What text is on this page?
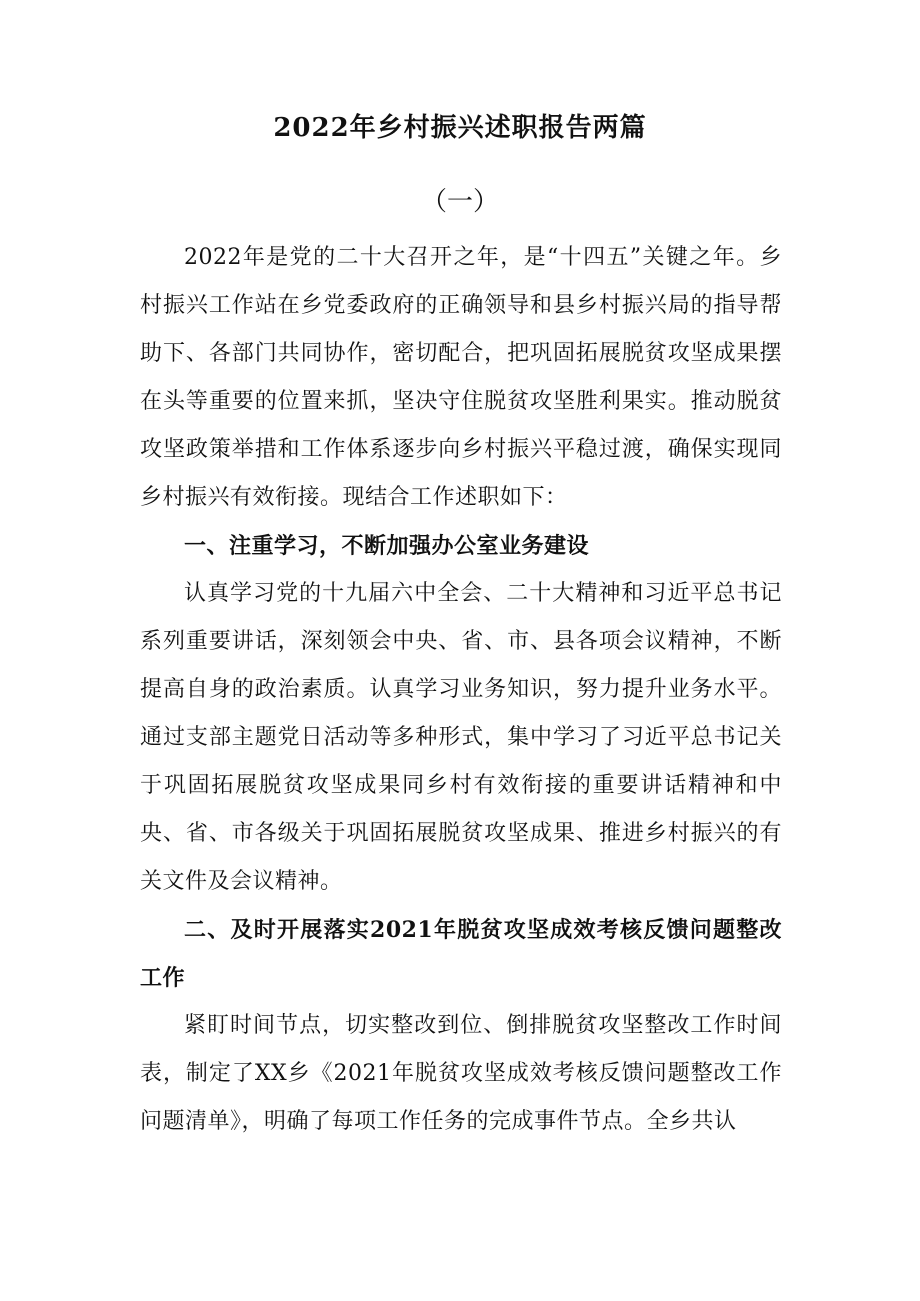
2022年乡村振兴述职报告两篇
（一）

2022年是党的二十大召开之年，是“十四五”关键之年。乡村振兴工作站在乡党委政府的正确领导和县乡村振兴局的指导帮助下、各部门共同协作，密切配合，把巩固拓展脱贫攻坚成果摆在头等重要的位置来抓，坚决守住脱贫攻坚胜利果实。推动脱贫攻坚政策举措和工作体系逐步向乡村振兴平稳过渡，确保实现同乡村振兴有效衔接。现结合工作述职如下：

一、注重学习，不断加强办公室业务建设

认真学习党的十九届六中全会、二十大精神和习近平总书记系列重要讲话，深刻领会中央、省、市、县各项会议精神，不断提高自身的政治素质。认真学习业务知识，努力提升业务水平。通过支部主题党日活动等多种形式，集中学习了习近平总书记关于巩固拓展脱贫攻坚成果同乡村有效衔接的重要讲话精神和中央、省、市各级关于巩固拓展脱贫攻坚成果、推进乡村振兴的有关文件及会议精神。

二、及时开展落实2021年脱贫攻坚成效考核反馈问题整改工作

紧盯时间节点，切实整改到位、倒排脱贫攻坚整改工作时间表，制定了XX乡《2021年脱贫攻坚成效考核反馈问题整改工作问题清单》，明确了每项工作任务的完成事件节点。全乡共认
